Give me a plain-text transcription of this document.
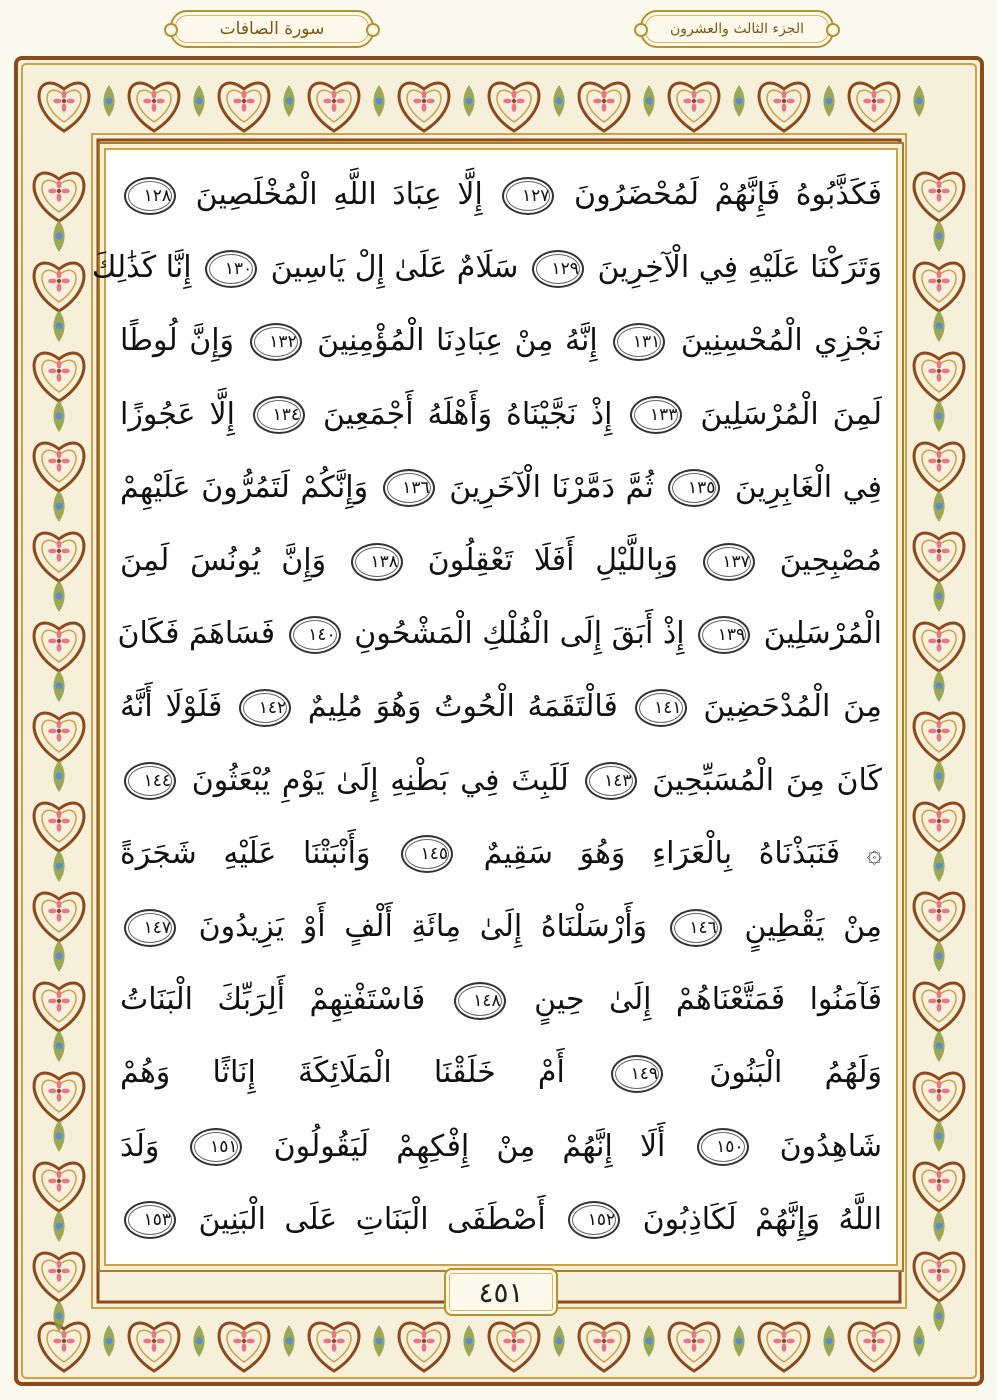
الجزء الثالث والعشرون
سورة الصافات
فَكَذَّبُوهُ فَإِنَّهُمْ لَمُحْضَرُونَ ١٢٧ إِلَّا عِبَادَ اللَّهِ الْمُخْلَصِينَ ١٢٨
وَتَرَكْنَا عَلَيْهِ فِي الْآخِرِينَ ١٢٩ سَلَامٌ عَلَىٰ إِلْ يَاسِينَ ١٣٠ إِنَّا كَذَٰلِكَ
نَجْزِي الْمُحْسِنِينَ ١٣١ إِنَّهُ مِنْ عِبَادِنَا الْمُؤْمِنِينَ ١٣٢ وَإِنَّ لُوطًا
لَمِنَ الْمُرْسَلِينَ ١٣٣ إِذْ نَجَّيْنَاهُ وَأَهْلَهُ أَجْمَعِينَ ١٣٤ إِلَّا عَجُوزًا
فِي الْغَابِرِينَ ١٣٥ ثُمَّ دَمَّرْنَا الْآخَرِينَ ١٣٦ وَإِنَّكُمْ لَتَمُرُّونَ عَلَيْهِمْ
مُصْبِحِينَ ١٣٧ وَبِاللَّيْلِ أَفَلَا تَعْقِلُونَ ١٣٨ وَإِنَّ يُونُسَ لَمِنَ
الْمُرْسَلِينَ ١٣٩ إِذْ أَبَقَ إِلَى الْفُلْكِ الْمَشْحُونِ ١٤٠ فَسَاهَمَ فَكَانَ
مِنَ الْمُدْحَضِينَ ١٤١ فَالْتَقَمَهُ الْحُوتُ وَهُوَ مُلِيمٌ ١٤٢ فَلَوْلَا أَنَّهُ
كَانَ مِنَ الْمُسَبِّحِينَ ١٤٣ لَلَبِثَ فِي بَطْنِهِ إِلَىٰ يَوْمِ يُبْعَثُونَ ١٤٤
۞ فَنَبَذْنَاهُ بِالْعَرَاءِ وَهُوَ سَقِيمٌ ١٤٥ وَأَنْبَتْنَا عَلَيْهِ شَجَرَةً
مِنْ يَقْطِينٍ ١٤٦ وَأَرْسَلْنَاهُ إِلَىٰ مِائَةِ أَلْفٍ أَوْ يَزِيدُونَ ١٤٧
فَآمَنُوا فَمَتَّعْنَاهُمْ إِلَىٰ حِينٍ ١٤٨ فَاسْتَفْتِهِمْ أَلِرَبِّكَ الْبَنَاتُ
وَلَهُمُ الْبَنُونَ ١٤٩ أَمْ خَلَقْنَا الْمَلَائِكَةَ إِنَاثًا وَهُمْ
شَاهِدُونَ ١٥٠ أَلَا إِنَّهُمْ مِنْ إِفْكِهِمْ لَيَقُولُونَ ١٥١ وَلَدَ
اللَّهُ وَإِنَّهُمْ لَكَاذِبُونَ ١٥٢ أَصْطَفَى الْبَنَاتِ عَلَى الْبَنِينَ ١٥٣
٤٥١
